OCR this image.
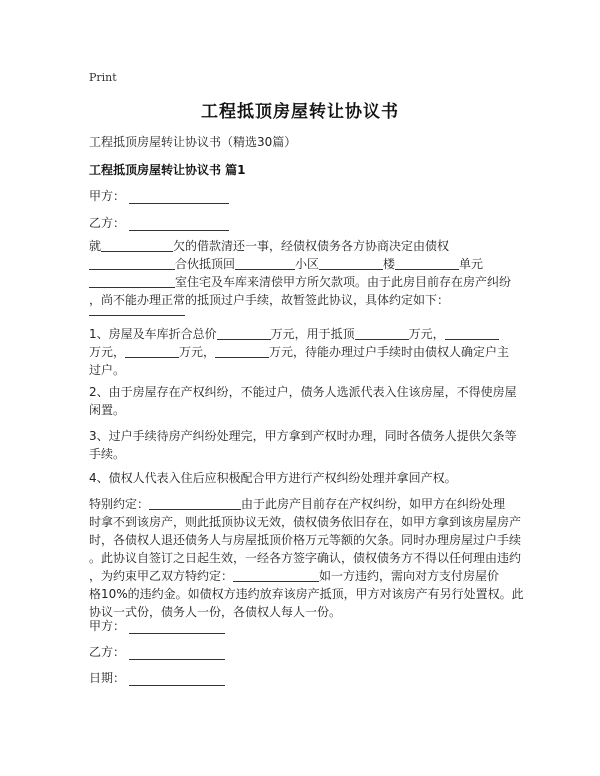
Print
工程抵顶房屋转让协议书
工程抵顶房屋转让协议书（精选30篇）
工程抵顶房屋转让协议书 篇1
甲方：
乙方：
就	欠的借款清还一事，经债权债务各方协商决定由债权
合伙抵顶回	小区	楼	单元
室住宅及车库来清偿甲方所欠款项。由于此房目前存在房产纠纷
，尚不能办理正常的抵顶过户手续，故暂签此协议，具体约定如下：
1、房屋及车库折合总价	万元，用于抵顶	万元，
万元，	万元，	万元，待能办理过户手续时由债权人确定户主
过户。
2、由于房屋存在产权纠纷，不能过户，债务人选派代表入住该房屋，不得使房屋
闲置。
3、过户手续待房产纠纷处理完，甲方拿到产权时办理，同时各债务人提供欠条等
手续。
4、债权人代表入住后应积极配合甲方进行产权纠纷处理并拿回产权。
特别约定：	由于此房产目前存在产权纠纷，如甲方在纠纷处理
时拿不到该房产，则此抵顶协议无效，债权债务依旧存在，如甲方拿到该房屋房产
时，各债权人退还债务人与房屋抵顶价格万元等额的欠条。同时办理房屋过户手续
。此协议自签订之日起生效，一经各方签字确认，债权债务方不得以任何理由违约
，为约束甲乙双方特约定：	如一方违约，需向对方支付房屋价
格10%的违约金。如债权方违约放弃该房产抵顶，甲方对该房产有另行处置权。此
协议一式份，债务人一份，各债权人每人一份。
甲方：
乙方：
日期：
